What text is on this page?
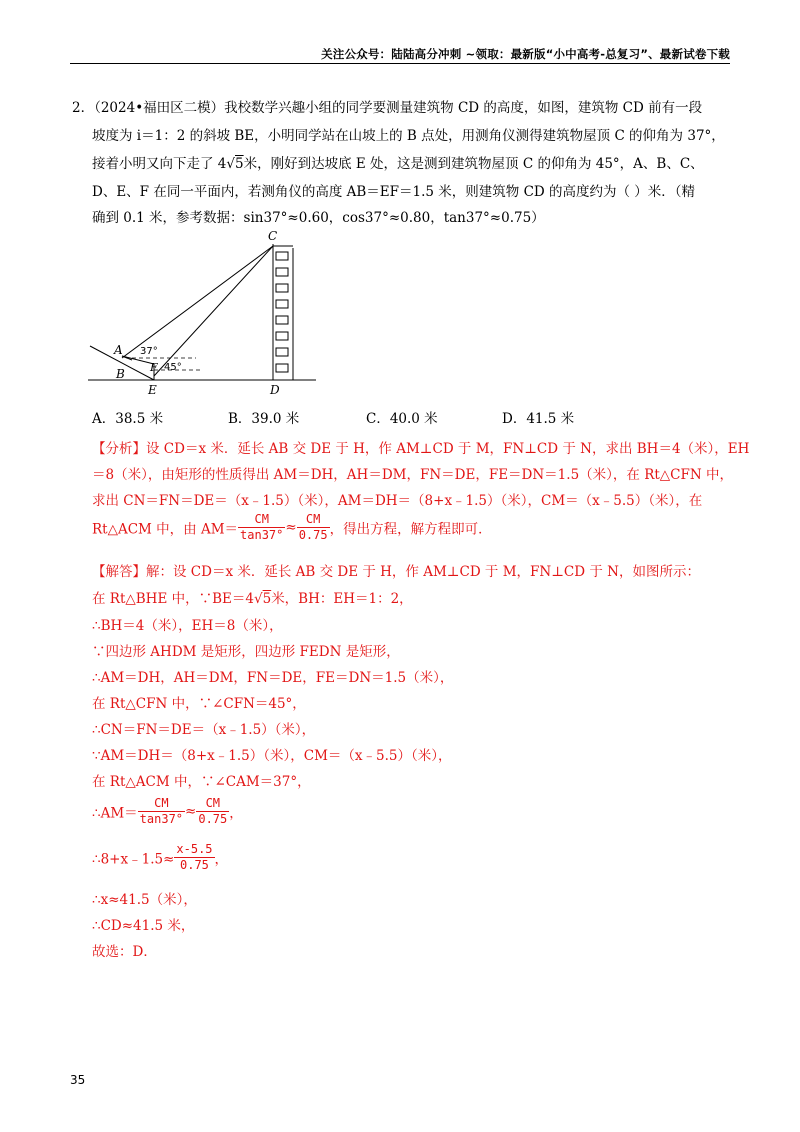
关注公众号：陆陆高分冲刺 ~领取：最新版“小中高考-总复习”、最新试卷下载
2．（2024•福田区二模）我校数学兴趣小组的同学要测量建筑物 CD 的高度，如图，建筑物 CD 前有一段
坡度为 i＝1：2 的斜坡 BE，小明同学站在山坡上的 B 点处，用测角仪测得建筑物屋顶 C 的仰角为 37°，
接着小明又向下走了 4√5米，刚好到达坡底 E 处，这是测到建筑物屋顶 C 的仰角为 45°，A、B、C、
D、E、F 在同一平面内，若测角仪的高度 AB＝EF＝1.5 米，则建筑物 CD 的高度约为（ ）米．（精
确到 0.1 米，参考数据：sin37°≈0.60，cos37°≈0.80，tan37°≈0.75）
C
A
B F
E	D
37°
45°
A．38.5 米	B．39.0 米	C．40.0 米	D．41.5 米
【分析】设 CD＝x 米．延长 AB 交 DE 于 H，作 AM⊥CD 于 M，FN⊥CD 于 N，求出 BH＝4（米），EH
＝8（米），由矩形的性质得出 AM＝DH，AH＝DM，FN＝DE，FE＝DN＝1.5（米），在 Rt△CFN 中，
求出 CN＝FN＝DE＝（x﹣1.5）（米），AM＝DH＝（8+x﹣1.5）（米），CM＝（x﹣5.5）（米），在
Rt△ACM 中，由 $AM= \frac{CM}{\tan 37^\circ} \approx \frac{CM}{0.75}$ ，得出方程，解方程即可．
【解答】解：设 CD＝x 米．延长 AB 交 DE 于 H，作 AM⊥CD 于 M，FN⊥CD 于 N，如图所示：
在 Rt△BHE 中，∵BE＝4√5米，BH：EH＝1：2，
∴BH＝4（米），EH＝8（米），
∵四边形 AHDM 是矩形，四边形 FEDN 是矩形，
∴AM＝DH，AH＝DM，FN＝DE，FE＝DN＝1.5（米），
在 Rt△CFN 中，∵∠CFN＝45°，
∴CN＝FN＝DE＝（x﹣1.5）（米），
∵AM＝DH＝（8+x﹣1.5）（米），CM＝（x﹣5.5）（米），
在 Rt△ACM 中，∵∠CAM＝37°，
∴AM＝ $\frac{CM}{\tan 37^\circ} \approx \frac{CM}{0.75}$ ，
∴8+x﹣1.5≈ $\frac{x-5.5}{0.75}$ ，
∴x≈41.5（米），
∴CD≈41.5 米，
故选：D．
35
